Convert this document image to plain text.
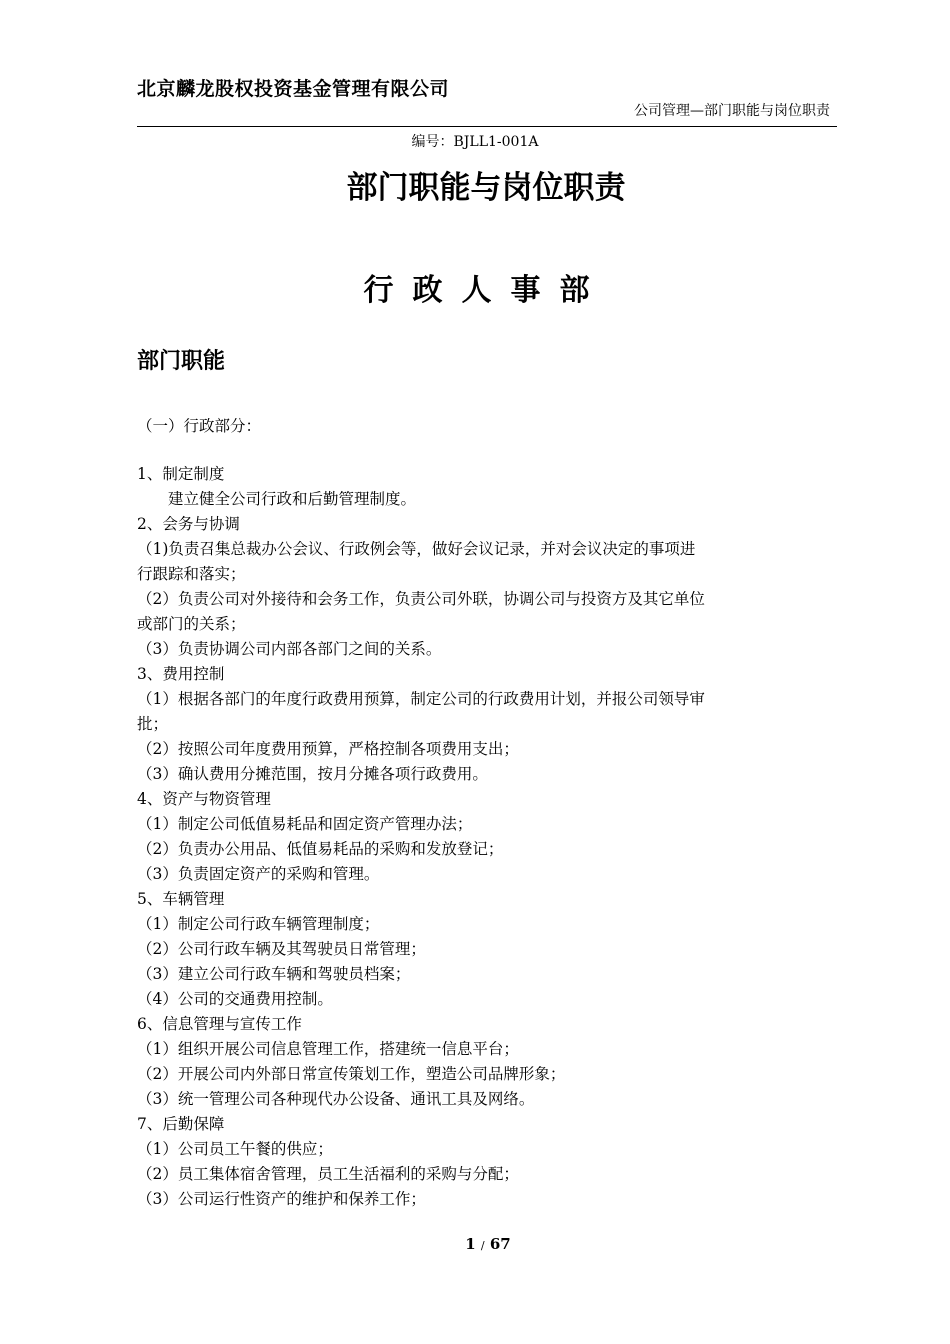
北京麟龙股权投资基金管理有限公司
公司管理—部门职能与岗位职责
编号：BJLL1-001A
部门职能与岗位职责
行政人事部
部门职能
（一）行政部分：
1、制定制度
建立健全公司行政和后勤管理制度。
2、会务与协调
（1)负责召集总裁办公会议、行政例会等，做好会议记录，并对会议决定的事项进
行跟踪和落实；
（2）负责公司对外接待和会务工作，负责公司外联，协调公司与投资方及其它单位
或部门的关系；
（3）负责协调公司内部各部门之间的关系。
3、费用控制
（1）根据各部门的年度行政费用预算，制定公司的行政费用计划，并报公司领导审
批；
（2）按照公司年度费用预算，严格控制各项费用支出；
（3）确认费用分摊范围，按月分摊各项行政费用。
4、资产与物资管理
（1）制定公司低值易耗品和固定资产管理办法；
（2）负责办公用品、低值易耗品的采购和发放登记；
（3）负责固定资产的采购和管理。
5、车辆管理
（1）制定公司行政车辆管理制度；
（2）公司行政车辆及其驾驶员日常管理；
（3）建立公司行政车辆和驾驶员档案；
（4）公司的交通费用控制。
6、信息管理与宣传工作
（1）组织开展公司信息管理工作，搭建统一信息平台；
（2）开展公司内外部日常宣传策划工作，塑造公司品牌形象；
（3）统一管理公司各种现代办公设备、通讯工具及网络。
7、后勤保障
（1）公司员工午餐的供应；
（2）员工集体宿舍管理，员工生活福利的采购与分配；
（3）公司运行性资产的维护和保养工作；
1 / 67
